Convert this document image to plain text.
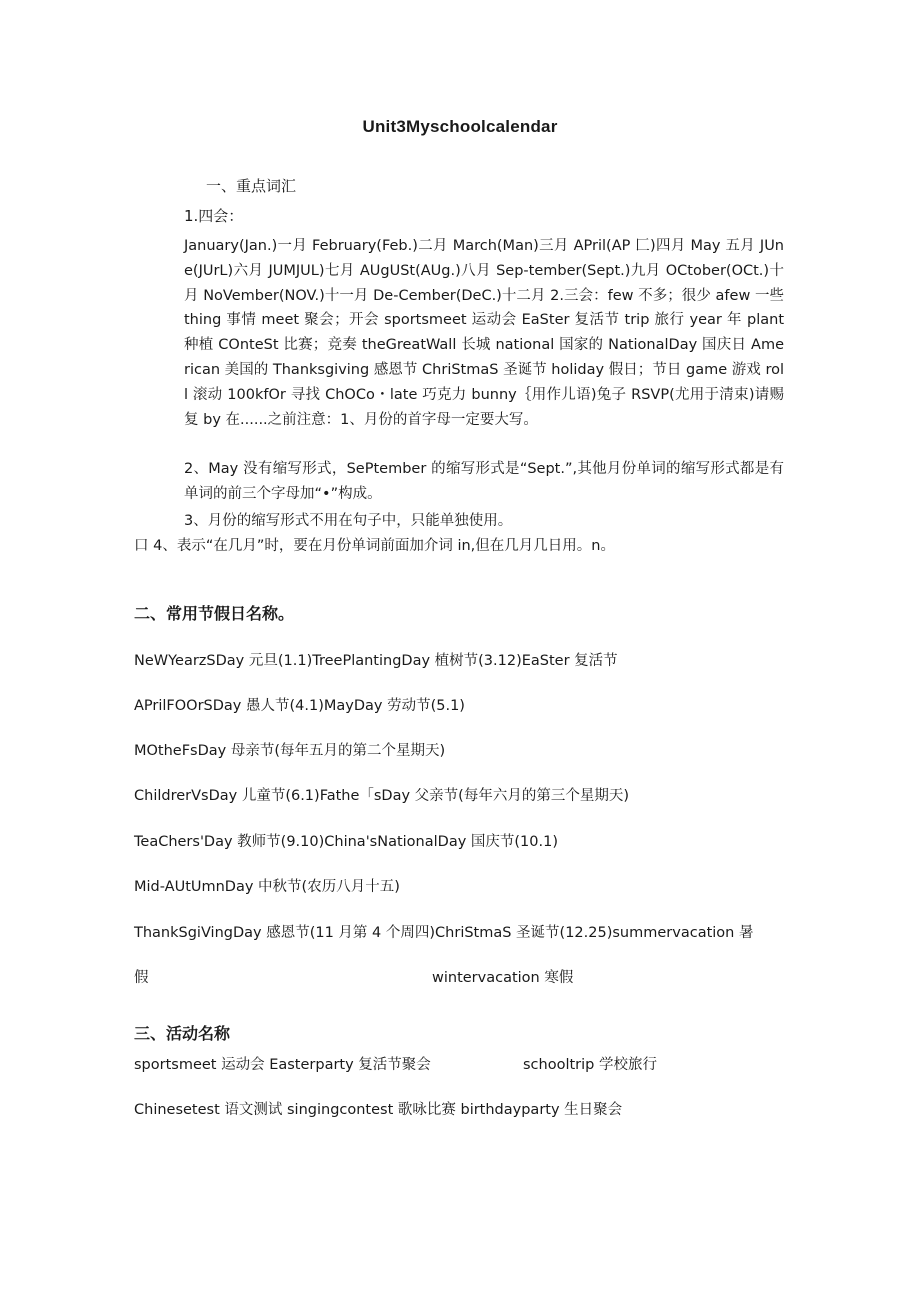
Unit3Myschoolcalendar
一、重点词汇
1.四会：
January(Jan.)一月 February(Feb.)二月 March(Man)三月 APril(AP 匚)四月 May 五月 JUne(JUrL)六月 JUMJUL)七月 AUgUSt(AUg.)八月 Sep-tember(Sept.)九月 OCtober(OCt.)十月 NoVember(NOV.)十一月 De-Cember(DeC.)十二月 2.三会：few 不多；很少 afew 一些 thing 事情 meet 聚会；开会 sportsmeet 运动会 EaSter 复活节 trip 旅行 year 年 plant 种植 COnteSt 比赛；竞奏 theGreatWall 长城 national 国家的 NationalDay 国庆日 American 美国的 Thanksgiving 感恩节 ChriStmaS 圣诞节 holiday 假日；节日 game 游戏 roll 滚动 100kfOr 寻找 ChOCo・late 巧克力 bunny｛用作儿语)兔子 RSVP(尤用于清束)请赐复 by 在......之前注意：1、月份的首字母一定要大写。
2、May 没有缩写形式，SePtember 的缩写形式是“Sept.”,其他月份单词的缩写形式都是有单词的前三个字母加“•”构成。
3、月份的缩写形式不用在句子中，只能单独使用。
口 4、表示“在几月”时，要在月份单词前面加介词 in,但在几月几日用。n。
二、常用节假日名称。
NeWYearzSDay 元旦(1.1)TreePlantingDay 植树节(3.12)EaSter 复活节
APrilFOOrSDay 愚人节(4.1)MayDay 劳动节(5.1)
MOtheFsDay 母亲节(每年五月的第二个星期天)
ChildrerVsDay 儿童节(6.1)Fathe「sDay 父亲节(每年六月的第三个星期天)
TeaChers'Day 教师节(9.10)China'sNationalDay 国庆节(10.1)
Mid-AUtUmnDay 中秋节(农历八月十五)
ThankSgiVingDay 感恩节(11 月第 4 个周四)ChriStmaS 圣诞节(12.25)summervacation 暑
假	wintervacation 寒假
三、活动名称
sportsmeet 运动会 Easterparty 复活节聚会	schooltrip 学校旅行
Chinesetest 语文测试 singingcontest 歌咏比赛 birthdayparty 生日聚会
